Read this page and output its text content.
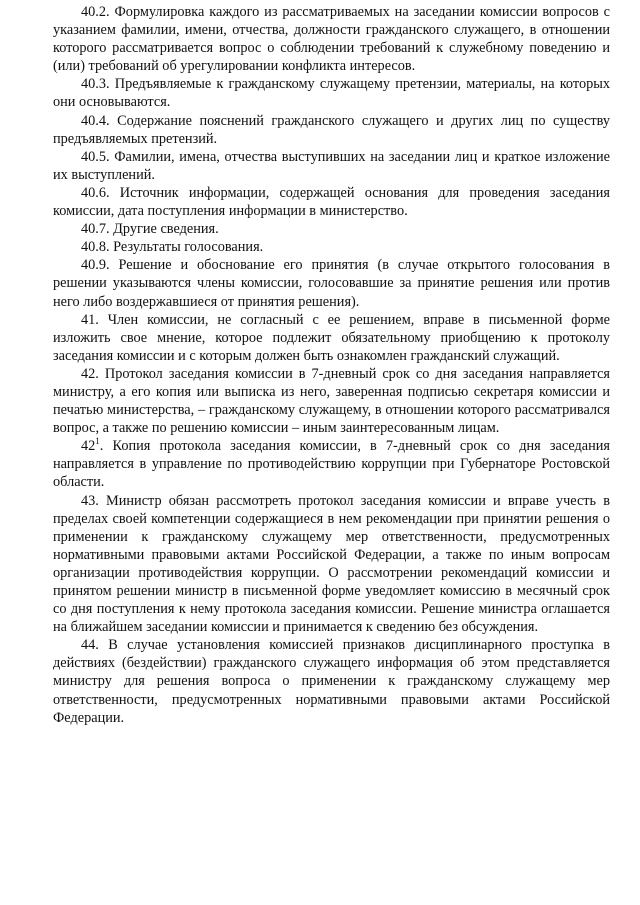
40.2. Формулировка каждого из рассматриваемых на заседании комиссии вопросов с указанием фамилии, имени, отчества, должности гражданского служащего, в отношении которого рассматривается вопрос о соблюдении требований к служебному поведению и (или) требований об урегулировании конфликта интересов.

40.3. Предъявляемые к гражданскому служащему претензии, материалы, на которых они основываются.

40.4. Содержание пояснений гражданского служащего и других лиц по существу предъявляемых претензий.

40.5. Фамилии, имена, отчества выступивших на заседании лиц и краткое изложение их выступлений.

40.6. Источник информации, содержащей основания для проведения заседания комиссии, дата поступления информации в министерство.

40.7. Другие сведения.

40.8. Результаты голосования.

40.9. Решение и обоснование его принятия (в случае открытого голосования в решении указываются члены комиссии, голосовавшие за принятие решения или против него либо воздержавшиеся от принятия решения).

41. Член комиссии, не согласный с ее решением, вправе в письменной форме изложить свое мнение, которое подлежит обязательному приобщению к протоколу заседания комиссии и с которым должен быть ознакомлен гражданский служащий.

42. Протокол заседания комиссии в 7-дневный срок со дня заседания направляется министру, а его копия или выписка из него, заверенная подписью секретаря комиссии и печатью министерства, – гражданскому служащему, в отношении которого рассматривался вопрос, а также по решению комиссии – иным заинтересованным лицам.

$42^1$. Копия протокола заседания комиссии, в 7-дневный срок со дня заседания направляется в управление по противодействию коррупции при Губернаторе Ростовской области.

43. Министр обязан рассмотреть протокол заседания комиссии и вправе учесть в пределах своей компетенции содержащиеся в нем рекомендации при принятии решения о применении к гражданскому служащему мер ответственности, предусмотренных нормативными правовыми актами Российской Федерации, а также по иным вопросам организации противодействия коррупции. О рассмотрении рекомендаций комиссии и принятом решении министр в письменной форме уведомляет комиссию в месячный срок со дня поступления к нему протокола заседания комиссии. Решение министра оглашается на ближайшем заседании комиссии и принимается к сведению без обсуждения.

44. В случае установления комиссией признаков дисциплинарного проступка в действиях (бездействии) гражданского служащего информация об этом представляется министру для решения вопроса о применении к гражданскому служащему мер ответственности, предусмотренных нормативными правовыми актами Российской Федерации.
